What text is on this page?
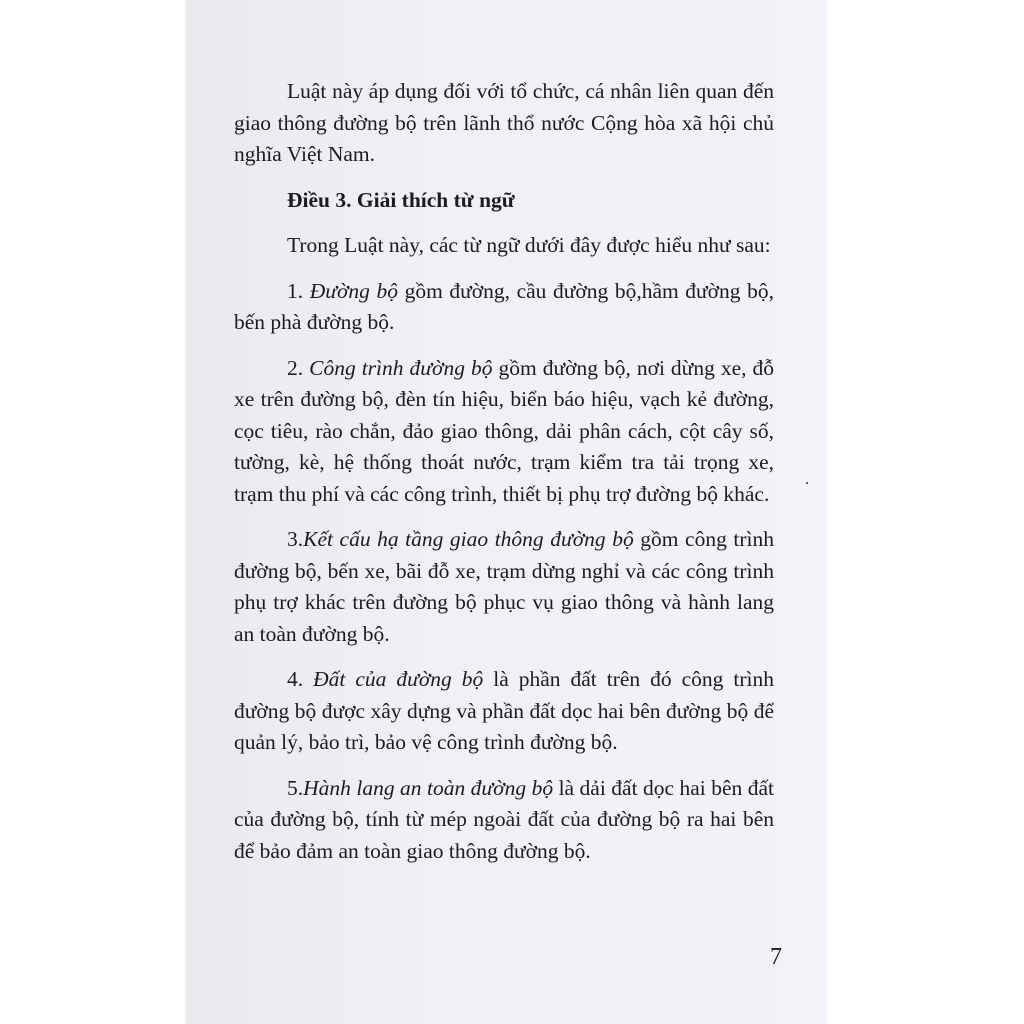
Luật này áp dụng đối với tổ chức, cá nhân liên quan đến giao thông đường bộ trên lãnh thổ nước Cộng hòa xã hội chủ nghĩa Việt Nam.

Điều 3. Giải thích từ ngữ

Trong Luật này, các từ ngữ dưới đây được hiểu như sau:

1. Đường bộ gồm đường, cầu đường bộ,hầm đường bộ, bến phà đường bộ.

2. Công trình đường bộ gồm đường bộ, nơi dừng xe, đỗ xe trên đường bộ, đèn tín hiệu, biển báo hiệu, vạch kẻ đường, cọc tiêu, rào chắn, đảo giao thông, dải phân cách, cột cây số, tường, kè, hệ thống thoát nước, trạm kiểm tra tải trọng xe, trạm thu phí và các công trình, thiết bị phụ trợ đường bộ khác.

3.Kết cấu hạ tầng giao thông đường bộ gồm công trình đường bộ, bến xe, bãi đỗ xe, trạm dừng nghỉ và các công trình phụ trợ khác trên đường bộ phục vụ giao thông và hành lang an toàn đường bộ.

4. Đất của đường bộ là phần đất trên đó công trình đường bộ được xây dựng và phần đất dọc hai bên đường bộ để quản lý, bảo trì, bảo vệ công trình đường bộ.

5.Hành lang an toàn đường bộ là dải đất dọc hai bên đất của đường bộ, tính từ mép ngoài đất của đường bộ ra hai bên để bảo đảm an toàn giao thông đường bộ.

7
